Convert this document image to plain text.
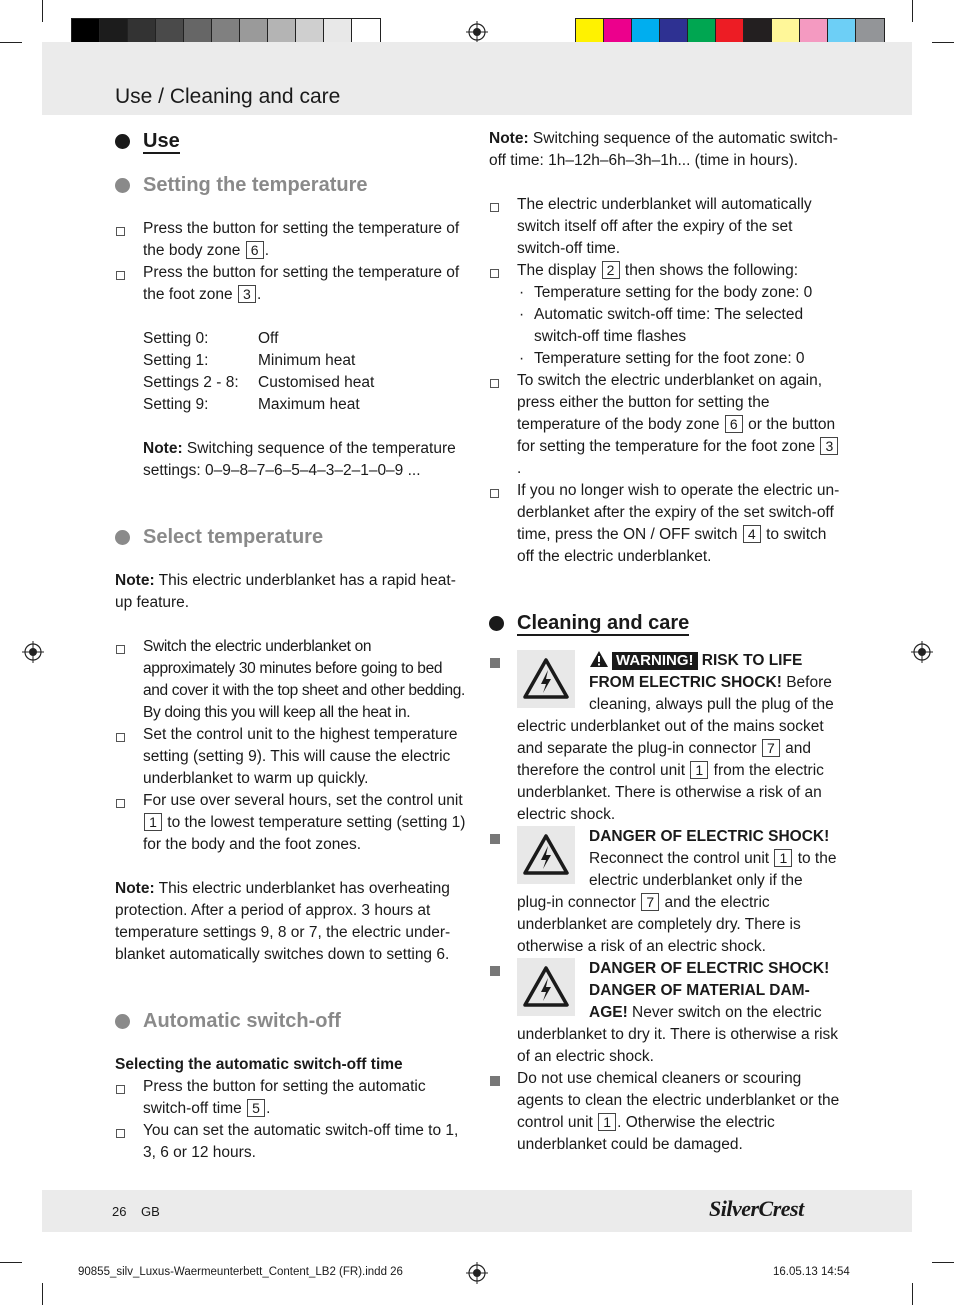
Use / Cleaning and care
Use
Setting the temperature
Press the button for setting the temperature of the body zone 6 .
Press the button for setting the temperature of the foot zone 3 .
Setting 0:	Off
Setting 1:	Minimum heat
Settings 2 - 8:	Customised heat
Setting 9:	Maximum heat

Note: Switching sequence of the temperature settings: 0–9–8–7–6–5–4–3–2–1–0–9 ...

Select temperature

Note: This electric underblanket has a rapid heat-up feature.

Switch the electric underblanket on approximately 30 minutes before going to bed and cover it with the top sheet and other bedding. By doing this you will keep all the heat in.
Set the control unit to the highest temperature setting (setting 9). This will cause the electric underblanket to warm up quickly.
For use over several hours, set the control unit 1 to the lowest temperature setting (setting 1) for the body and the foot zones.

Note: This electric underblanket has overheating protection. After a period of approx. 3 hours at temperature settings 9, 8 or 7, the electric underblanket automatically switches down to setting 6.

Automatic switch-off

Selecting the automatic switch-off time

Press the button for setting the automatic switch-off time 5 .
You can set the automatic switch-off time to 1, 3, 6 or 12 hours.

Note: Switching sequence of the automatic switch-off time: 1h–12h–6h–3h–1h... (time in hours).

The electric underblanket will automatically switch itself off after the expiry of the set switch-off time.
The display 2 then shows the following:
· Temperature setting for the body zone: 0
· Automatic switch-off time: The selected switch-off time flashes
· Temperature setting for the foot zone: 0
To switch the electric underblanket on again, press either the button for setting the temperature of the body zone 6 or the button for setting the temperature for the foot zone 3.
If you no longer wish to operate the electric underblanket after the expiry of the set switch-off time, press the ON / OFF switch 4 to switch off the electric underblanket.
Cleaning and care
WARNING! RISK TO LIFE FROM ELECTRIC SHOCK! Before cleaning, always pull the plug of the electric underblanket out of the mains socket and separate the plug-in connector 7 and therefore the control unit 1 from the electric underblanket. There is otherwise a risk of an electric shock.
DANGER OF ELECTRIC SHOCK! Reconnect the control unit 1 to the electric underblanket only if the plug-in connector 7 and the electric underblanket are completely dry. There is otherwise a risk of an electric shock.
DANGER OF ELECTRIC SHOCK! DANGER OF MATERIAL DAMAGE! Never switch on the electric underblanket to dry it. There is otherwise a risk of an electric shock.
Do not use chemical cleaners or scouring agents to clean the electric underblanket or the control unit 1 . Otherwise the electric underblanket could be damaged.
26 GB	SilverCrest
90855_silv_Luxus-Waermeunterbett_Content_LB2 (FR).indd 26	16.05.13 14:54
